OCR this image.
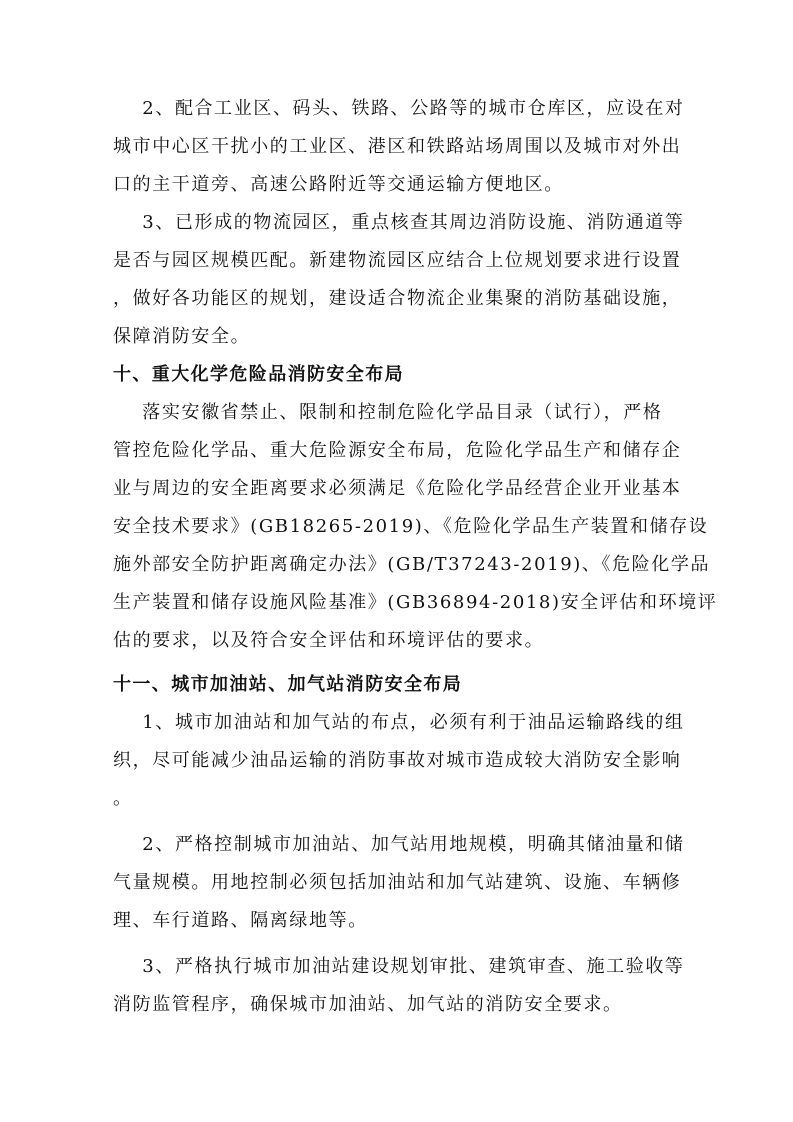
2、配合工业区、码头、铁路、公路等的城市仓库区，应设在对
城市中心区干扰小的工业区、港区和铁路站场周围以及城市对外出
口的主干道旁、高速公路附近等交通运输方便地区。
3、已形成的物流园区，重点核查其周边消防设施、消防通道等
是否与园区规模匹配。新建物流园区应结合上位规划要求进行设置
，做好各功能区的规划，建设适合物流企业集聚的消防基础设施，
保障消防安全。
十、重大化学危险品消防安全布局
落实安徽省禁止、限制和控制危险化学品目录（试行），严格
管控危险化学品、重大危险源安全布局，危险化学品生产和储存企
业与周边的安全距离要求必须满足《危险化学品经营企业开业基本
安全技术要求》(GB18265-2019)、《危险化学品生产装置和储存设
施外部安全防护距离确定办法》(GB/T37243-2019)、《危险化学品
生产装置和储存设施风险基准》(GB36894-2018)安全评估和环境评
估的要求，以及符合安全评估和环境评估的要求。
十一、城市加油站、加气站消防安全布局
1、城市加油站和加气站的布点，必须有利于油品运输路线的组
织，尽可能减少油品运输的消防事故对城市造成较大消防安全影响
。
2、严格控制城市加油站、加气站用地规模，明确其储油量和储
气量规模。用地控制必须包括加油站和加气站建筑、设施、车辆修
理、车行道路、隔离绿地等。
3、严格执行城市加油站建设规划审批、建筑审查、施工验收等
消防监管程序，确保城市加油站、加气站的消防安全要求。
